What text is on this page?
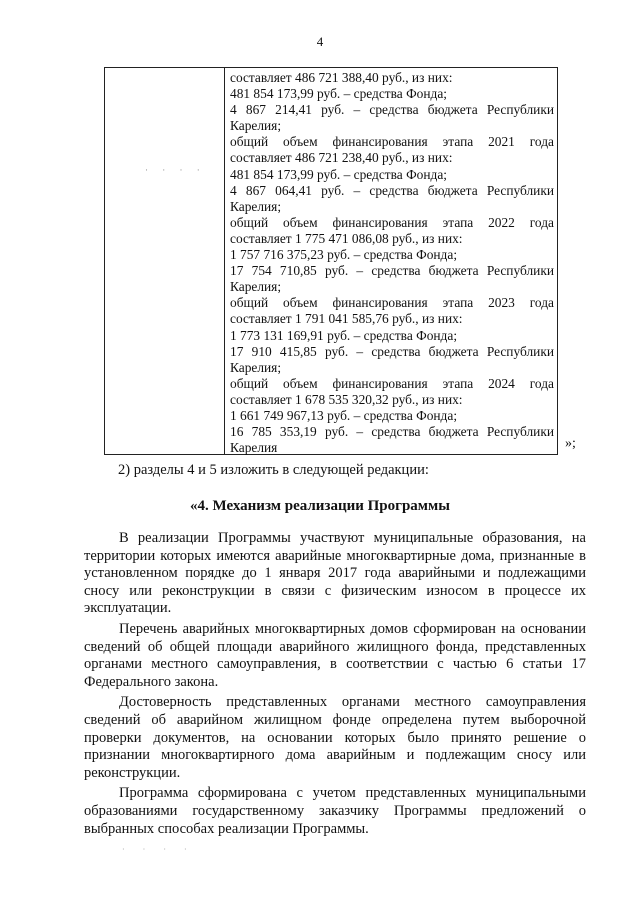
4
· · · ·
составляет 486 721 388,40 руб., из них:
481 854 173,99 руб. – средства Фонда;
4 867 214,41 руб. – средства бюджета Республики
Карелия;
общий объем финансирования этапа 2021 года
составляет 486 721 238,40 руб., из них:
481 854 173,99 руб. – средства Фонда;
4 867 064,41 руб. – средства бюджета Республики
Карелия;
общий объем финансирования этапа 2022 года
составляет 1 775 471 086,08 руб., из них:
1 757 716 375,23 руб. – средства Фонда;
17 754 710,85 руб. – средства бюджета Республики
Карелия;
общий объем финансирования этапа 2023 года
составляет 1 791 041 585,76 руб., из них:
1 773 131 169,91 руб. – средства Фонда;
17 910 415,85 руб. – средства бюджета Республики
Карелия;
общий объем финансирования этапа 2024 года
составляет 1 678 535 320,32 руб., из них:
1 661 749 967,13 руб. – средства Фонда;
16 785 353,19 руб. – средства бюджета Республики
Карелия	»;
2) разделы 4 и 5 изложить в следующей редакции:
«4. Механизм реализации Программы

В реализации Программы участвуют муниципальные образования, на территории которых имеются аварийные многоквартирные дома, признанные в установленном порядке до 1 января 2017 года аварийными и подлежащими сносу или реконструкции в связи с физическим износом в процессе их эксплуатации.

Перечень аварийных многоквартирных домов сформирован на основании сведений об общей площади аварийного жилищного фонда, представленных органами местного самоуправления, в соответствии с частью 6 статьи 17 Федерального закона.

Достоверность представленных органами местного самоуправления сведений об аварийном жилищном фонде определена путем выборочной проверки документов, на основании которых было принято решение о признании многоквартирного дома аварийным и подлежащим сносу или реконструкции.

Программа сформирована с учетом представленных муниципальными образованиями государственному заказчику Программы предложений о выбранных способах реализации Программы.

· · · ·
